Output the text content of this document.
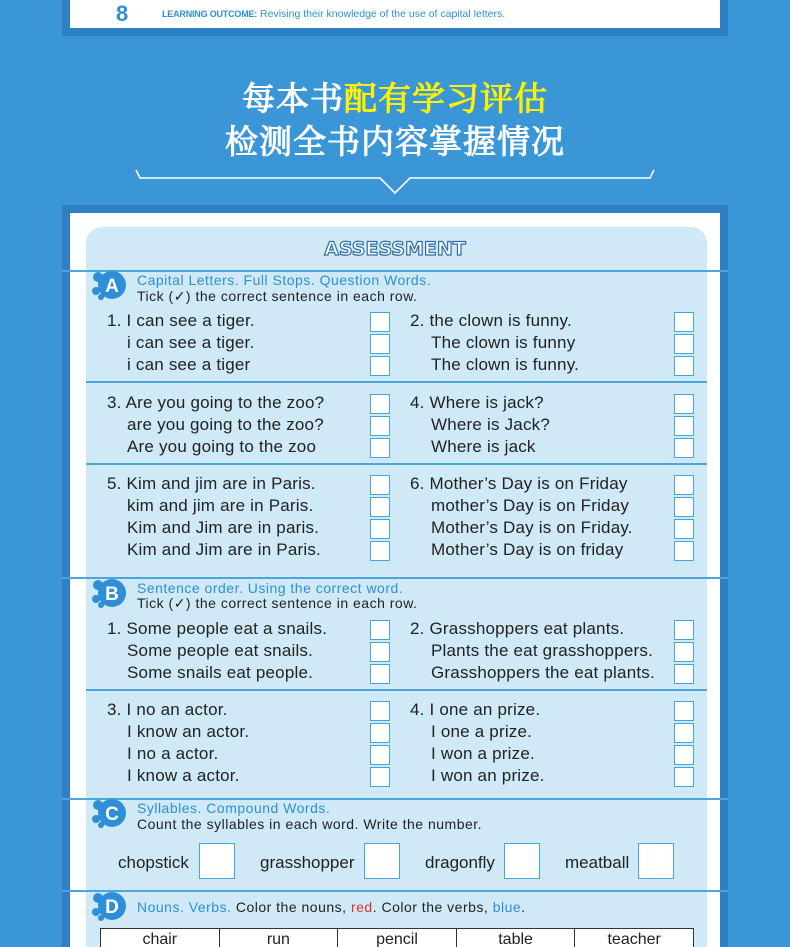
8	LEARNING OUTCOME: Revising their knowledge of the use of capital letters.
每本书配有学习评估
检测全书内容掌握情况
ASSESSMENT
A Capital Letters. Full Stops. Question Words.
Tick (✓) the correct sentence in each row.
1. I can see a tiger.
i can see a tiger.
i can see a tiger
2. the clown is funny.
The clown is funny
The clown is funny.
3. Are you going to the zoo?
are you going to the zoo?
Are you going to the zoo
4. Where is jack?
Where is Jack?
Where is jack
5. Kim and jim are in Paris.
kim and jim are in Paris.
Kim and Jim are in paris.
Kim and Jim are in Paris.
6. Mother’s Day is on Friday
mother’s Day is on Friday
Mother’s Day is on Friday.
Mother’s Day is on friday
B Sentence order. Using the correct word.
Tick (✓) the correct sentence in each row.
1. Some people eat a snails.
Some people eat snails.
Some snails eat people.
2. Grasshoppers eat plants.
Plants the eat grasshoppers.
Grasshoppers the eat plants.
3. I no an actor.
I know an actor.
I no a actor.
I know a actor.
4. I one an prize.
I one a prize.
I won a prize.
I won an prize.
C Syllables. Compound Words.
Count the syllables in each word. Write the number.
chopstick	grasshopper	dragonfly	meatball
D Nouns. Verbs. Color the nouns, red. Color the verbs, blue.
chair	run	pencil	table	teacher
